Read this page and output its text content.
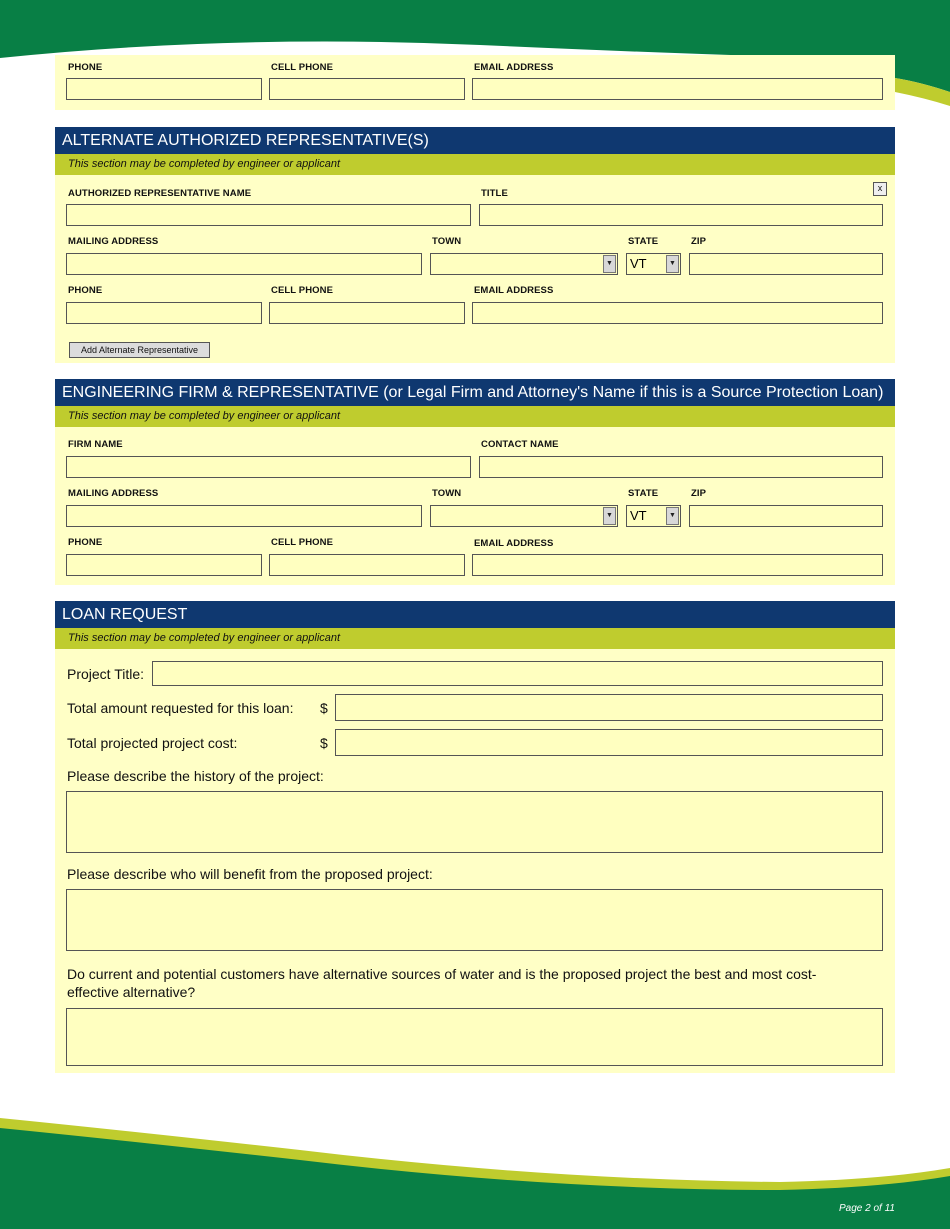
PHONE	CELL PHONE	EMAIL ADDRESS
ALTERNATE AUTHORIZED REPRESENTATIVE(S)
This section may be completed by engineer or applicant
x
AUTHORIZED REPRESENTATIVE NAME	TITLE
MAILING ADDRESS	TOWN	STATE	ZIP
▼ VT	▼
PHONE	CELL PHONE	EMAIL ADDRESS
Add Alternate Representative
ENGINEERING FIRM & REPRESENTATIVE (or Legal Firm and Attorney's Name if this is a Source Protection Loan)
This section may be completed by engineer or applicant
FIRM NAME	CONTACT NAME
MAILING ADDRESS	TOWN	STATE	ZIP
▼ VT	▼
PHONE	CELL PHONE	EMAIL ADDRESS
LOAN REQUEST
This section may be completed by engineer or applicant
Project Title:
Total amount requested for this loan: $
Total projected project cost:	$
Please describe the history of the project:
Please describe who will benefit from the proposed project:
Do current and potential customers have alternative sources of water and is the proposed project the best and most cost-effective alternative?
Page 2 of 11
